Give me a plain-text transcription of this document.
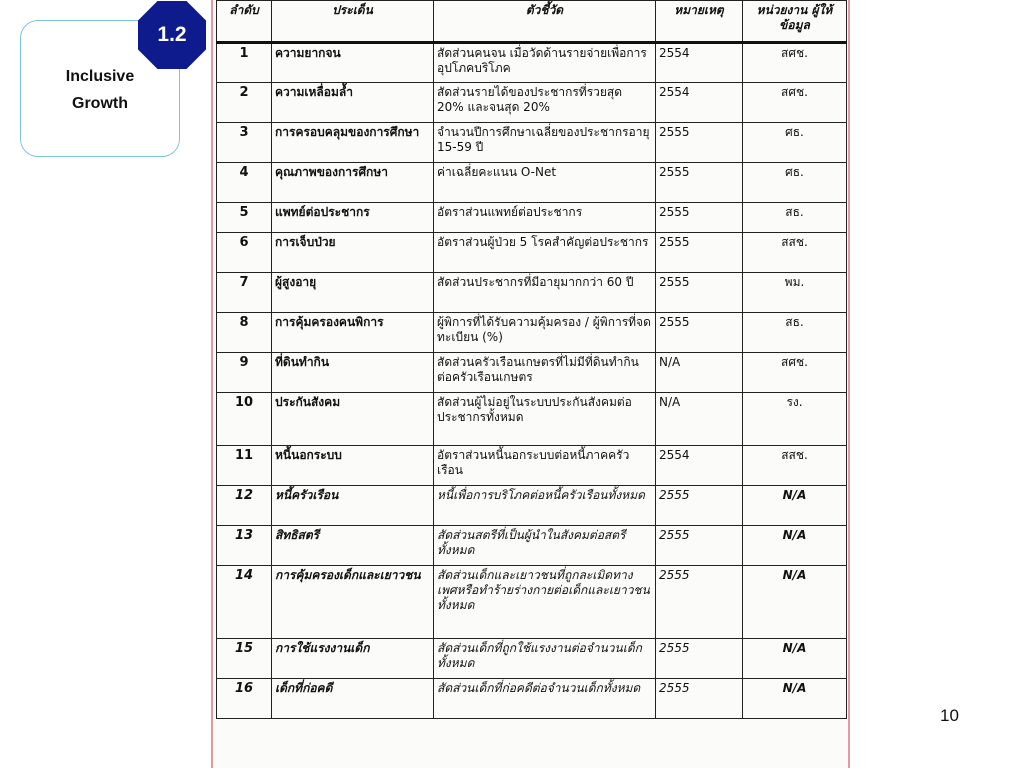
Inclusive
Growth
1.2
ลำดับ	ประเด็น	ตัวชี้วัด	หมายเหตุ	หน่วยงาน ผู้ให้ข้อมูล
1	ความยากจน	สัดส่วนคนจน เมื่อวัดด้านรายจ่ายเพื่อการอุปโภคบริโภค	2554	สศช.
2	ความเหลื่อมล้ำ	สัดส่วนรายได้ของประชากรที่รวยสุด 20% และจนสุด 20%	2554	สศช.
3	การครอบคลุมของการศึกษา	จำนวนปีการศึกษาเฉลี่ยของประชากรอายุ 15-59 ปี	2555	ศธ.
4	คุณภาพของการศึกษา	ค่าเฉลี่ยคะแนน O-Net	2555	ศธ.
5	แพทย์ต่อประชากร	อัตราส่วนแพทย์ต่อประชากร	2555	สธ.
6	การเจ็บป่วย	อัตราส่วนผู้ป่วย 5 โรคสำคัญต่อประชากร	2555	สสช.
7	ผู้สูงอายุ	สัดส่วนประชากรที่มีอายุมากกว่า 60 ปี	2555	พม.
8	การคุ้มครองคนพิการ	ผู้พิการที่ได้รับความคุ้มครอง / ผู้พิการที่จดทะเบียน (%)	2555	สธ.
9	ที่ดินทำกิน	สัดส่วนครัวเรือนเกษตรที่ไม่มีที่ดินทำกินต่อครัวเรือนเกษตร	N/A	สศช.
10	ประกันสังคม	สัดส่วนผู้ไม่อยู่ในระบบประกันสังคมต่อประชากรทั้งหมด	N/A	รง.
11	หนี้นอกระบบ	อัตราส่วนหนี้นอกระบบต่อหนี้ภาคครัวเรือน	2554	สสช.
12	หนี้ครัวเรือน	หนี้เพื่อการบริโภคต่อหนี้ครัวเรือนทั้งหมด	2555	N/A
13	สิทธิสตรี	สัดส่วนสตรีที่เป็นผู้นำในสังคมต่อสตรีทั้งหมด	2555	N/A
14	การคุ้มครองเด็กและเยาวชน	สัดส่วนเด็กและเยาวชนที่ถูกละเมิดทางเพศหรือทำร้ายร่างกายต่อเด็กและเยาวชนทั้งหมด	2555	N/A
15	การใช้แรงงานเด็ก	สัดส่วนเด็กที่ถูกใช้แรงงานต่อจำนวนเด็กทั้งหมด	2555	N/A
16	เด็กที่ก่อคดี	สัดส่วนเด็กที่ก่อคดีต่อจำนวนเด็กทั้งหมด	2555	N/A
10
